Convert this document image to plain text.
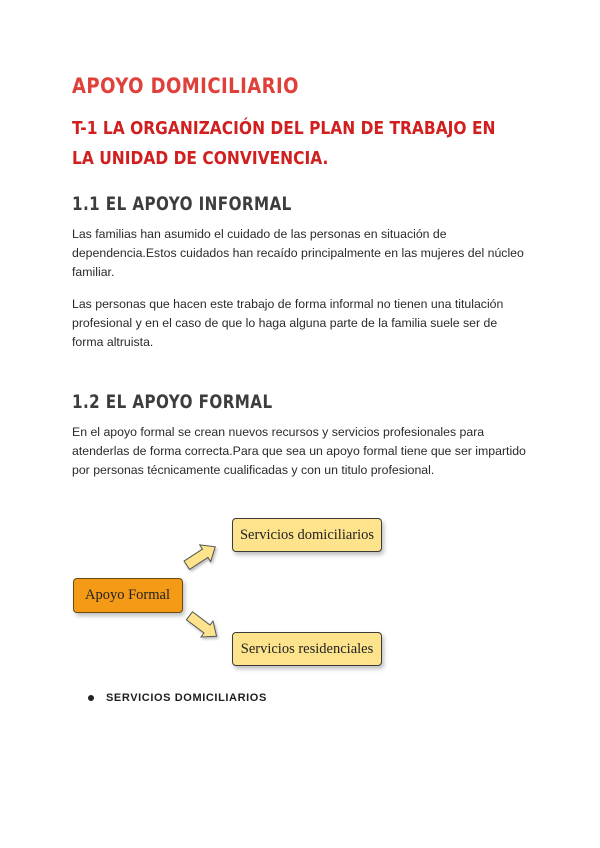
APOYO DOMICILIARIO
T-1 LA ORGANIZACIÓN DEL PLAN DE TRABAJO EN LA UNIDAD DE CONVIVENCIA.
1.1 EL APOYO INFORMAL

Las familias han asumido el cuidado de las personas en situación de dependencia.Estos cuidados han recaído principalmente en las mujeres del núcleo familiar.

Las personas que hacen este trabajo de forma informal no tienen una titulación profesional y en el caso de que lo haga alguna parte de la familia suele ser de forma altruista.

1.2 EL APOYO FORMAL

En el apoyo formal se crean nuevos recursos y servicios profesionales para atenderlas de forma correcta.Para que sea un apoyo formal tiene que ser impartido por personas técnicamente cualificadas y con un titulo profesional.

Apoyo Formal
Servicios domiciliarios
Servicios residenciales
SERVICIOS DOMICILIARIOS
